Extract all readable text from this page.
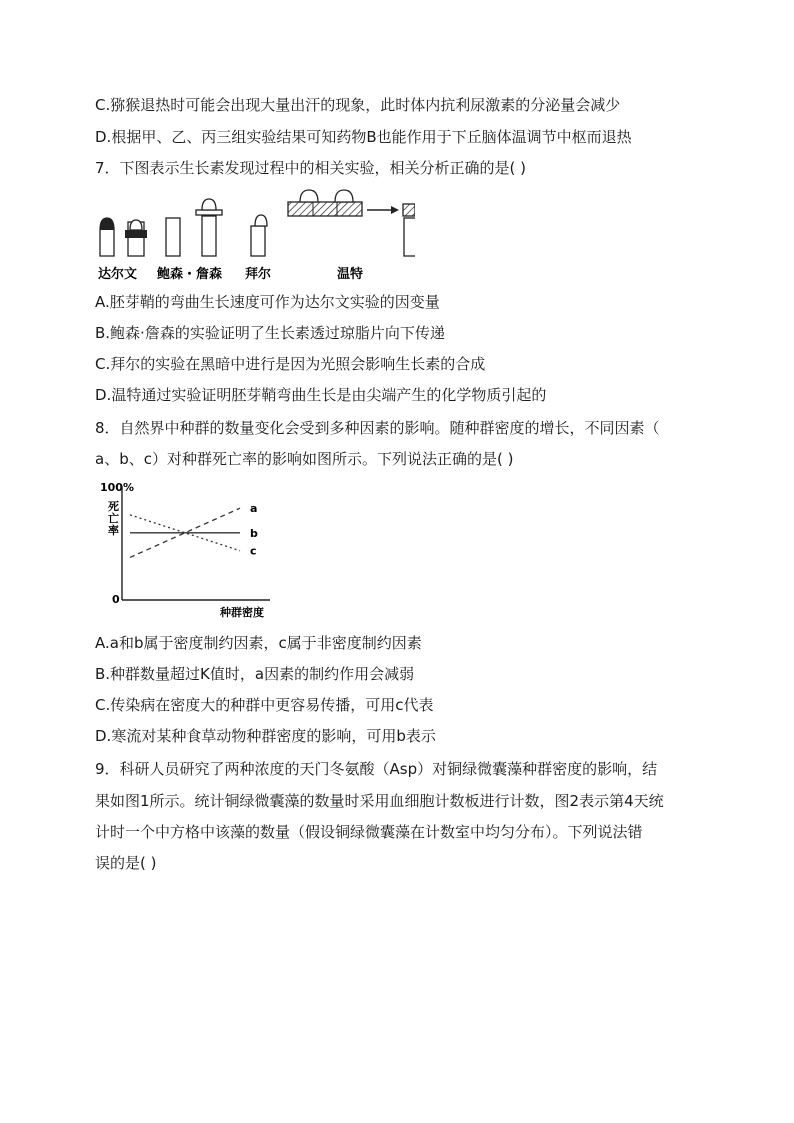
C.猕猴退热时可能会出现大量出汗的现象，此时体内抗利尿激素的分泌量会减少
D.根据甲、乙、丙三组实验结果可知药物B也能作用于下丘脑体温调节中枢而退热
7．下图表示生长素发现过程中的相关实验，相关分析正确的是( )
达尔文 鲍森・詹森 拜尔	温特
A.胚芽鞘的弯曲生长速度可作为达尔文实验的因变量
B.鲍森·詹森的实验证明了生长素透过琼脂片向下传递
C.拜尔的实验在黑暗中进行是因为光照会影响生长素的合成
D.温特通过实验证明胚芽鞘弯曲生长是由尖端产生的化学物质引起的
8．自然界中种群的数量变化会受到多种因素的影响。随种群密度的增长，不同因素（
a、b、c）对种群死亡率的影响如图所示。下列说法正确的是( )
100%
死亡率
0
种群密度
a
b
c
A.a和b属于密度制约因素，c属于非密度制约因素
B.种群数量超过K值时，a因素的制约作用会减弱
C.传染病在密度大的种群中更容易传播，可用c代表
D.寒流对某种食草动物种群密度的影响，可用b表示
9．科研人员研究了两种浓度的天门冬氨酸（Asp）对铜绿微囊藻种群密度的影响，结
果如图1所示。统计铜绿微囊藻的数量时采用血细胞计数板进行计数，图2表示第4天统
计时一个中方格中该藻的数量（假设铜绿微囊藻在计数室中均匀分布）。下列说法错
误的是( )
